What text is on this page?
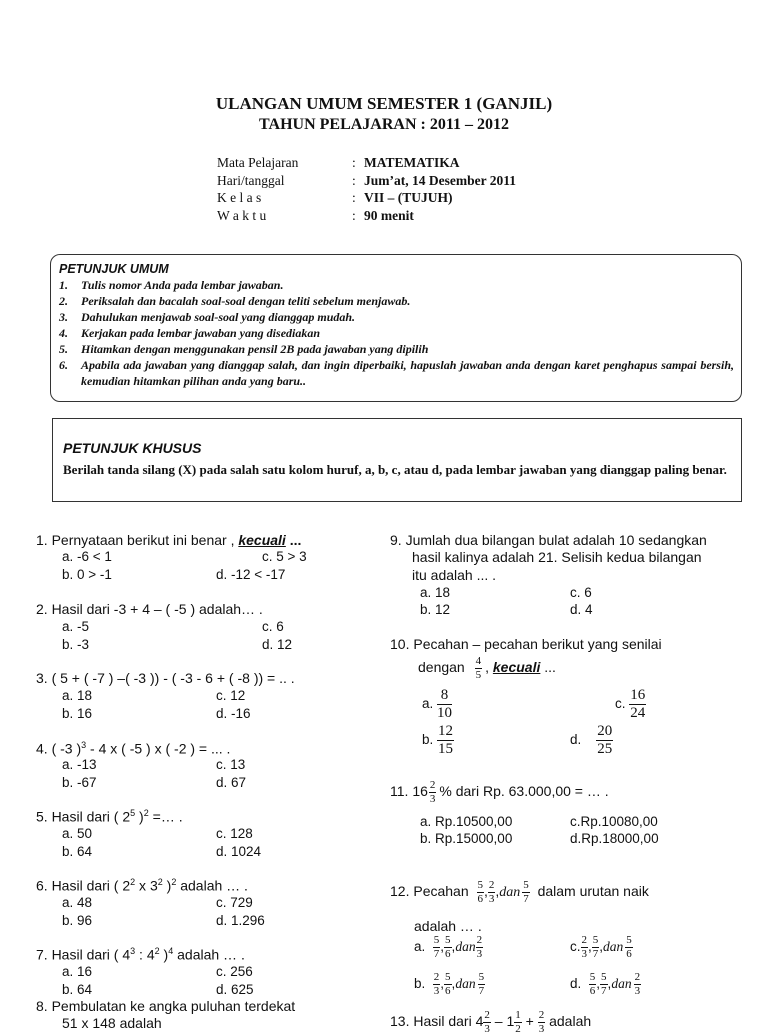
ULANGAN UMUM SEMESTER 1 (GANJIL)
TAHUN PELAJARAN : 2011 – 2012
Mata Pelajaran	: MATEMATIKA
Hari/tanggal	: Jum’at, 14 Desember 2011
K e l a s	: VII – (TUJUH)
W a k t u	: 90 menit
PETUNJUK UMUM
1. Tulis nomor Anda pada lembar jawaban.
2. Periksalah dan bacalah soal-soal dengan teliti sebelum menjawab.
3. Dahulukan menjawab soal-soal yang dianggap mudah.
4. Kerjakan pada lembar jawaban yang disediakan
5. Hitamkan dengan menggunakan pensil 2B pada jawaban yang dipilih
6. Apabila ada jawaban yang dianggap salah, dan ingin diperbaiki, hapuslah jawaban anda dengan karet penghapus sampai bersih, kemudian hitamkan pilihan anda yang baru..
PETUNJUK KHUSUS
Berilah tanda silang (X) pada salah satu kolom huruf, a, b, c, atau d, pada lembar jawaban yang dianggap paling benar.
1. Pernyataan berikut ini benar , kecuali ...
a. -6 < 1	c. 5 > 3
b. 0 > -1	d. -12 < -17
2. Hasil dari -3 + 4 – ( -5 ) adalah… .
a. -5	c. 6
b. -3	d. 12
3. ( 5 + ( -7 ) –( -3 )) - ( -3 - 6 + ( -8 )) = .. .
a. 18	c. 12
b. 16	d. -16
4. ( -3 )$^3$ - 4 x ( -5 ) x ( -2 ) = ... .
a. -13	c. 13
b. -67	d. 67
5. Hasil dari ( $2^5$ )$^2$ =… .
a. 50	c. 128
b. 64	d. 1024
6. Hasil dari ( $2^2$ x $3^2$ )$^2$ adalah … .
a. 48	c. 729
b. 96	d. 1.296
7. Hasil dari ( $4^3$ : $4^2$ )$^4$ adalah … .
a. 16	c. 256
b. 64	d. 625
8. Pembulatan ke angka puluhan terdekat
51 x 148 adalah
9. Jumlah dua bilangan bulat adalah 10 sedangkan
hasil kalinya adalah 21. Selisih kedua bilangan
itu adalah ... .
a. 18	c. 6
b. 12	d. 4
10. Pecahan – pecahan berikut yang senilai
dengan $\frac{4}{5}$ , kecuali ...
a. $\frac{8}{10}$	c. $\frac{16}{24}$
b. $\frac{12}{15}$	d. $\frac{20}{25}$
11. $16 \frac{2}{3}$ % dari Rp. 63.000,00 = … .
a. Rp.10500,00	c.Rp.10080,00
b. Rp.15000,00	d.Rp.18000,00
12. Pecahan $\frac{5}{6}$ , $\frac{2}{3} ,dan \frac{5}{7}$ dalam urutan naik
adalah … .
a. $\frac{5}{7}$ , $\frac{5}{6} ,dan \frac{2}{3}$	c. $\frac{2}{3}$ , $\frac{5}{7} ,dan \frac{5}{6}$
b. $\frac{2}{3}$ , $\frac{5}{6} ,dan \frac{5}{7}$	d. $\frac{5}{6}$ , $\frac{5}{7} ,dan \frac{2}{3}$
13. Hasil dari $4 \frac{2}{3} - 1 \frac{1}{2} + \frac{2}{3}$ adalah
